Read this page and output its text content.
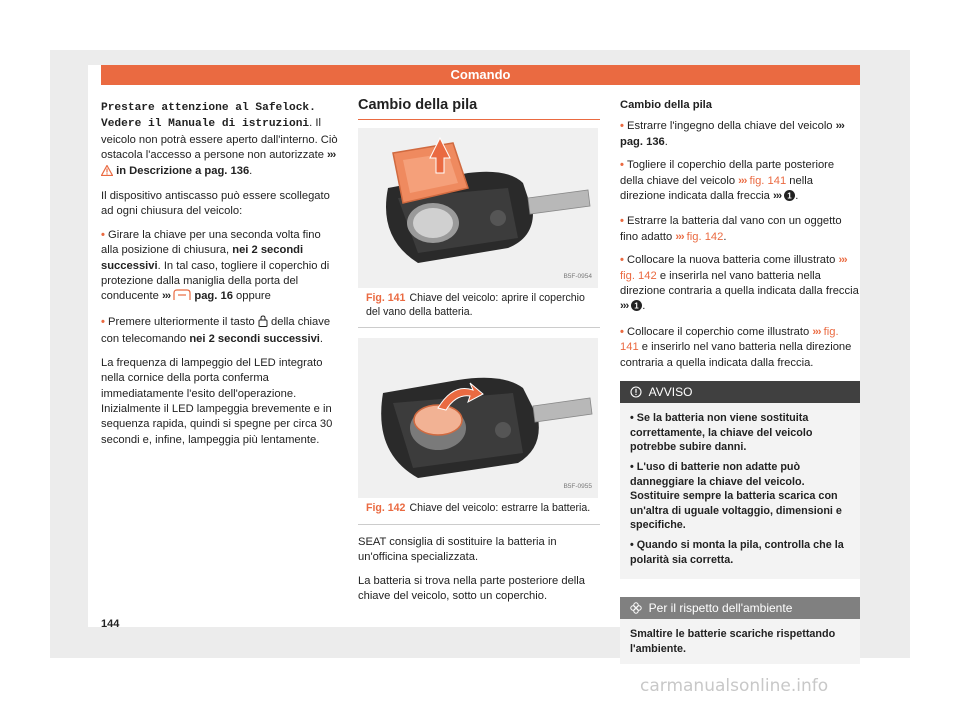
Comando

Prestare attenzione al Safelock. Vedere il Manuale di istruzioni. Il veicolo non potrà essere aperto dall'interno. Ciò ostacola l'accesso a persone non autorizzate ›››  in Descrizione a pag. 136.

Il dispositivo antiscasso può essere scollegato ad ogni chiusura del veicolo:

• Girare la chiave per una seconda volta fino alla posizione di chiusura, nei 2 secondi successivi. In tal caso, togliere il coperchio di protezione dalla maniglia della porta del conducente ››› pag. 16 oppure

• Premere ulteriormente il tasto della chiave con telecomando nei 2 secondi successivi.

La frequenza di lampeggio del LED integrato nella cornice della porta conferma immediatamente l'esito dell'operazione. Inizialmente il LED lampeggia brevemente e in sequenza rapida, quindi si spegne per circa 30 secondi e, infine, lampeggia più lentamente.

Cambio della pila
B5F-0954
Fig. 141 Chiave del veicolo: aprire il coperchio del vano della batteria.
B5F-0955
Fig. 142 Chiave del veicolo: estrarre la batteria.

SEAT consiglia di sostituire la batteria in un'officina specializzata.

La batteria si trova nella parte posteriore della chiave del veicolo, sotto un coperchio.

Cambio della pila

• Estrarre l'ingegno della chiave del veicolo ››› pag. 136.

• Togliere il coperchio della parte posteriore della chiave del veicolo ››› fig. 141 nella direzione indicata dalla freccia ››› 1 .

• Estrarre la batteria dal vano con un oggetto fino adatto ››› fig. 142.

• Collocare la nuova batteria come illustrato ››› fig. 142 e inserirla nel vano batteria nella direzione contraria a quella indicata dalla freccia ››› 1 .

• Collocare il coperchio come illustrato ››› fig. 141 e inserirlo nel vano batteria nella direzione contraria a quella indicata dalla freccia.

AVVISO
• Se la batteria non viene sostituita correttamente, la chiave del veicolo potrebbe subire danni.
• L'uso di batterie non adatte può danneggiare la chiave del veicolo. Sostituire sempre la batteria scarica con un'altra di uguale voltaggio, dimensioni e specifiche.
• Quando si monta la pila, controlla che la polarità sia corretta.
Per il rispetto dell'ambiente
Smaltire le batterie scariche rispettando l'ambiente.
144
carmanualsonline.info
